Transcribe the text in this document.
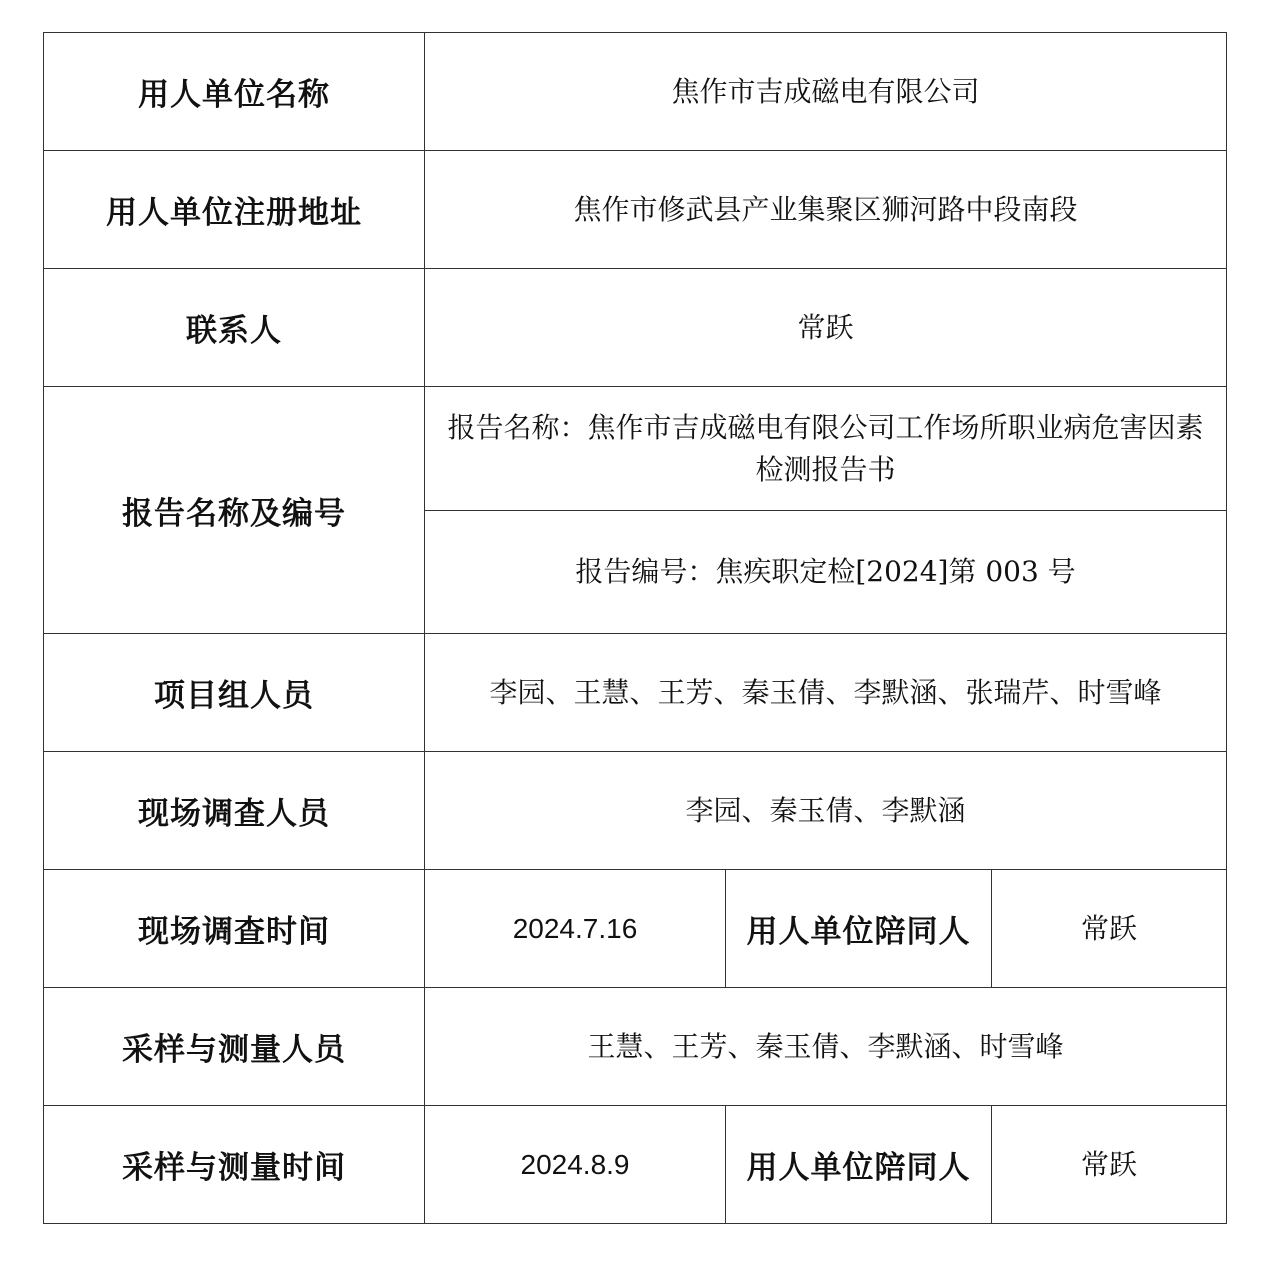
用人单位名称	焦作市吉成磁电有限公司		
用人单位注册地址	焦作市修武县产业集聚区狮河路中段南段		
联系人	常跃		
报告名称及编号	报告名称：焦作市吉成磁电有限公司工作场所职业病危害因素检测报告书		
	报告编号：焦疾职定检[2024]第 003 号		
项目组人员	李园、王慧、王芳、秦玉倩、李默涵、张瑞芹、时雪峰		
现场调查人员	李园、秦玉倩、李默涵		
现场调查时间	2024.7.16	用人单位陪同人	常跃
采样与测量人员	王慧、王芳、秦玉倩、李默涵、时雪峰		
采样与测量时间	2024.8.9	用人单位陪同人	常跃
